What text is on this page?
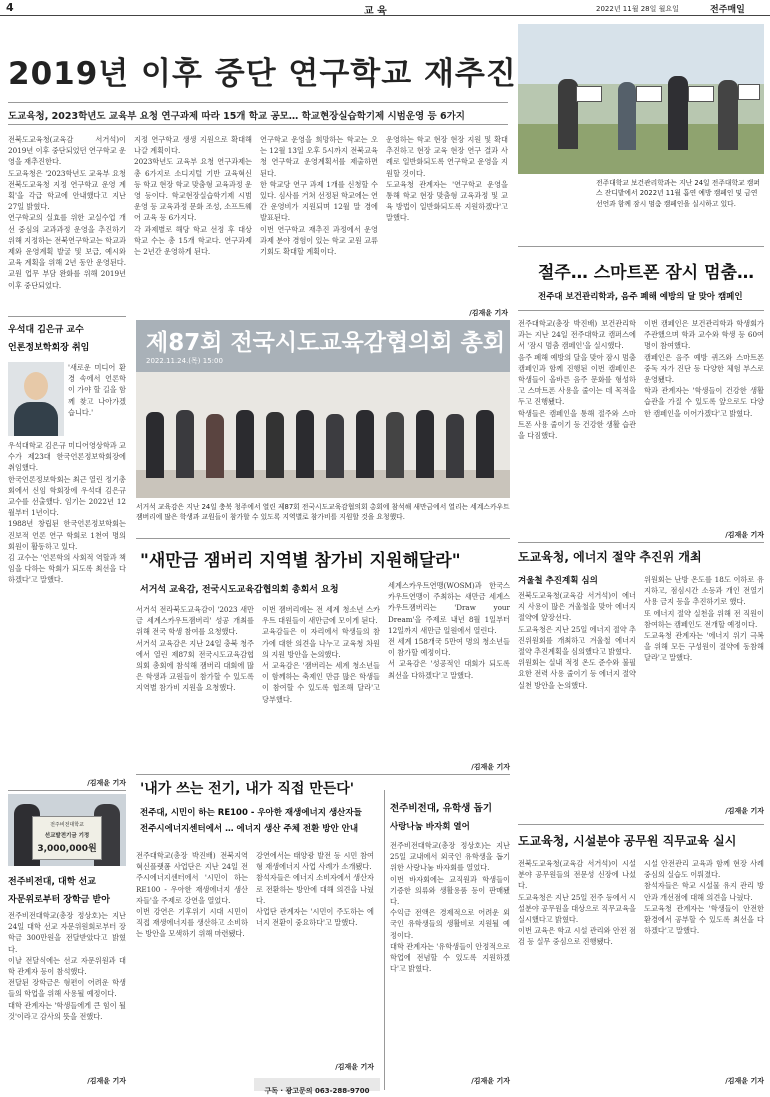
4	교 육	2022년 11월 28일 월요일	전주매일
2019년 이후 중단 연구학교 재추진
도교육청, 2023학년도 교육부 요청 연구과제 따라 15개 학교 공모… 학교현장실습학기제 시범운영 등 6가지
전북도교육청(교육감 서거석)이 2019년 이후 중단되었던 연구학교 운영을 재추진한다.
도교육청은 '2023학년도 교육부 요청 전북도교육청 지정 연구학교 운영 계획'을 각급 학교에 안내했다고 지난 27일 밝혔다.
연구학교의 실효를 위한 교실수업 개선 중심의 교과과정 운영을 추진하기 위해 지정하는 전북연구학교는 학교과제와 운영계획 발굴 및 보급, 예시와 교육 계획을 위해 2년 동안 운영된다. 교원 업무 부담 완화를 위해 2019년 이후 중단되었다.
지정 연구학교 생생 지원으로 확대해 나갈 계획이다.
2023학년도 교육부 요청 연구과제는 총 6가지로 소디지털 기반 교육혁신 등 학교 현장 학교 맞춤형 교육과정 운영 등이다. 학교현장실습학기제 시범운영 등 교육과정 문화 조성, 소프트웨어 교육 등 6가지다.
각 과제별로 해당 학교 선정 후 대상 학교 수는 총 15개 학교다. 연구과제는 2년간 운영하게 된다.
연구학교 운영을 희망하는 학교는 오는 12월 13일 오후 5시까지 전북교육청 연구학교 운영계획서를 제출하면 된다.
한 학교당 연구 과제 1개를 신청할 수 있다. 심사를 거쳐 선정된 학교에는 연간 운영비가 지원되며 12월 말 경에 발표된다.
이번 연구학교 재추진 과정에서 운영 과제 분야 경험이 있는 학교 교원 교류 기회도 확대할 계획이다.
운영하는 학교 현장 현장 지원 및 확대 추진하고 현장 교육 현장 연구 결과 사례로 일반화되도록 연구학교 운영을 지원할 것이다.
도교육청 관계자는 '연구학교 운영을 통해 학교 현장 맞춤형 교육과정 및 교육 방법이 일반화되도록 지원하겠다'고 말했다.
/김재윤 기자
전주대학교 보건관리학과는 지난 24일 전주대학교 캠퍼스 잔디밭에서 2022년 11월 흡연 예방 캠페인 및 금연 선언과 함께 잠시 멈춤 캠페인을 실시하고 있다.
절주… 스마트폰 잠시 멈춤…
전주대 보건관리학과, 음주 폐해 예방의 달 맞아 캠페인
전주대학교(총장 박진배) 보건관리학과는 지난 24일 전주대학교 캠퍼스에서 '잠시 멈춤 캠페인'을 실시했다.
음주 폐해 예방의 달을 맞아 잠시 멈춤 캠페인과 함께 진행된 이번 캠페인은 학생들이 올바른 음주 문화를 형성하고 스마트폰 사용을 줄이는 데 목적을 두고 진행됐다.
학생들은 캠페인을 통해 절주와 스마트폰 사용 줄이기 등 건강한 생활 습관을 다짐했다.
이번 캠페인은 보건관리학과 학생회가 주관했으며 학과 교수와 학생 등 60여 명이 참여했다.
캠페인은 음주 예방 퀴즈와 스마트폰 중독 자가 진단 등 다양한 체험 부스로 운영됐다.
학과 관계자는 '학생들이 건강한 생활 습관을 가질 수 있도록 앞으로도 다양한 캠페인을 이어가겠다'고 밝혔다.
/김재윤 기자
우석대 김은규 교수
언론정보학회장 취임
'새로운 미디어 환경 속에서 언론학이 가야 할 길을 함께 찾고 나아가겠습니다.'
우석대학교 김은규 미디어영상학과 교수가 제23대 한국언론정보학회장에 취임했다.
한국언론정보학회는 최근 열린 정기총회에서 신임 학회장에 우석대 김은규 교수를 선출했다. 임기는 2022년 12월부터 1년이다.
1988년 창립된 한국언론정보학회는 진보적 언론 연구 학회로 1천여 명의 회원이 활동하고 있다.
김 교수는 '언론학의 사회적 역할과 책임을 다하는 학회가 되도록 최선을 다하겠다'고 말했다.
/김재윤 기자
제87회 전국시도교육감협의회 총회
2022.11.24.(목) 15:00
서거석 교육감은 지난 24일 충북 청주에서 열린 제87회 전국시도교육감협의회 총회에 참석해 새만금에서 열리는 세계스카우트잼버리에 많은 학생과 교원들이 참가할 수 있도록 지역별로 참가비를 지원할 것을 요청했다.
"새만금 잼버리 지역별 참가비 지원해달라"
서거석 교육감, 전국시도교육감협의회 총회서 요청
서거석 전라북도교육감이 '2023 새만금 세계스카우트잼버리' 성공 개최를 위해 전국 학생 참여를 요청했다.
서거석 교육감은 지난 24일 충북 청주에서 열린 제87회 전국시도교육감협의회 총회에 참석해 잼버리 대회에 많은 학생과 교원들이 참가할 수 있도록 지역별 참가비 지원을 요청했다.
이번 잼버리에는 전 세계 청소년 스카우트 대원들이 새만금에 모이게 된다.
교육감들은 이 자리에서 학생들의 참가에 대한 의견을 나누고 교육청 차원의 지원 방안을 논의했다.
서 교육감은 '잼버리는 세계 청소년들이 함께하는 축제인 만큼 많은 학생들이 참여할 수 있도록 협조해 달라'고 당부했다.
세계스카우트연맹(WOSM)과 한국스카우트연맹이 주최하는 새만금 세계스카우트잼버리는 'Draw your Dream'을 주제로 내년 8월 1일부터 12일까지 새만금 일원에서 열린다.
전 세계 158개국 5만여 명의 청소년들이 참가할 예정이다.
서 교육감은 '성공적인 대회가 되도록 최선을 다하겠다'고 말했다.
/김재윤 기자
도교육청, 에너지 절약 추진위 개최
겨울철 추진계획 심의
전북도교육청(교육감 서거석)이 에너지 사용이 많은 겨울철을 맞아 에너지 절약에 앞장선다.
도교육청은 지난 25일 에너지 절약 추진위원회를 개최하고 겨울철 에너지 절약 추진계획을 심의했다고 밝혔다.
위원회는 실내 적정 온도 준수와 불필요한 전력 사용 줄이기 등 에너지 절약 실천 방안을 논의했다.
위원회는 난방 온도를 18도 이하로 유지하고, 점심시간 소등과 개인 전열기 사용 금지 등을 추진하기로 했다.
또 에너지 절약 실천을 위해 전 직원이 참여하는 캠페인도 전개할 예정이다.
도교육청 관계자는 '에너지 위기 극복을 위해 모든 구성원이 절약에 동참해 달라'고 말했다.
/김재윤 기자
전주비전대학교
선교발전기금 기정
3,000,000원
전주비전대, 대학 선교
자문위로부터 장학금 받아
전주비전대학교(총장 정상호)는 지난 24일 대학 선교 자문위원회로부터 장학금 300만원을 전달받았다고 밝혔다.
이날 전달식에는 선교 자문위원과 대학 관계자 등이 참석했다.
전달된 장학금은 형편이 어려운 학생들의 학업을 위해 사용될 예정이다.
대학 관계자는 '학생들에게 큰 힘이 될 것'이라고 감사의 뜻을 전했다.
/김재윤 기자
'내가 쓰는 전기, 내가 직접 만든다'
전주대, 시민이 하는 RE100 - 우아한 재생에너지 생산자들
전주시에너지센터에서 … 에너지 생산 주체 전환 방안 안내
전주대학교(총장 박진배) 전북지역혁신플랫폼 사업단은 지난 24일 전주시에너지센터에서 '시민이 하는 RE100 - 우아한 재생에너지 생산자들'을 주제로 강연을 열었다.
이번 강연은 기후위기 시대 시민이 직접 재생에너지를 생산하고 소비하는 방안을 모색하기 위해 마련됐다.
강연에서는 태양광 발전 등 시민 참여형 재생에너지 사업 사례가 소개됐다.
참석자들은 에너지 소비자에서 생산자로 전환하는 방안에 대해 의견을 나눴다.
사업단 관계자는 '시민이 주도하는 에너지 전환이 중요하다'고 말했다.
/김재윤 기자
전주비전대, 유학생 돕기
사랑나눔 바자회 열어
전주비전대학교(총장 정상호)는 지난 25일 교내에서 외국인 유학생을 돕기 위한 사랑나눔 바자회를 열었다.
이번 바자회에는 교직원과 학생들이 기증한 의류와 생활용품 등이 판매됐다.
수익금 전액은 경제적으로 어려운 외국인 유학생들의 생활비로 지원될 예정이다.
대학 관계자는 '유학생들이 안정적으로 학업에 전념할 수 있도록 지원하겠다'고 밝혔다.
/김재윤 기자
구독 · 광고문의 063-288-9700
도교육청, 시설분야 공무원 직무교육 실시
전북도교육청(교육감 서거석)이 시설분야 공무원들의 전문성 신장에 나섰다.
도교육청은 지난 25일 전주 등에서 시설분야 공무원을 대상으로 직무교육을 실시했다고 밝혔다.
이번 교육은 학교 시설 관리와 안전 점검 등 실무 중심으로 진행됐다.
시설 안전관리 교육과 함께 현장 사례 중심의 실습도 이뤄졌다.
참석자들은 학교 시설물 유지 관리 방안과 개선점에 대해 의견을 나눴다.
도교육청 관계자는 '학생들이 안전한 환경에서 공부할 수 있도록 최선을 다하겠다'고 말했다.
/김재윤 기자
